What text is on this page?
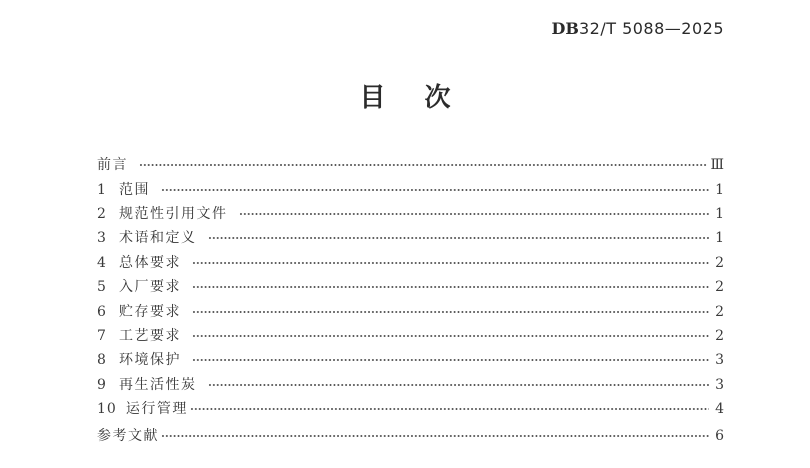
DB32/T 5088—2025
目次
前言	Ⅲ
1 范围	1
2 规范性引用文件	1
3 术语和定义	1
4 总体要求	2
5 入厂要求	2
6 贮存要求	2
7 工艺要求	2
8 环境保护	3
9 再生活性炭	3
10 运行管理	4
参考文献	6
